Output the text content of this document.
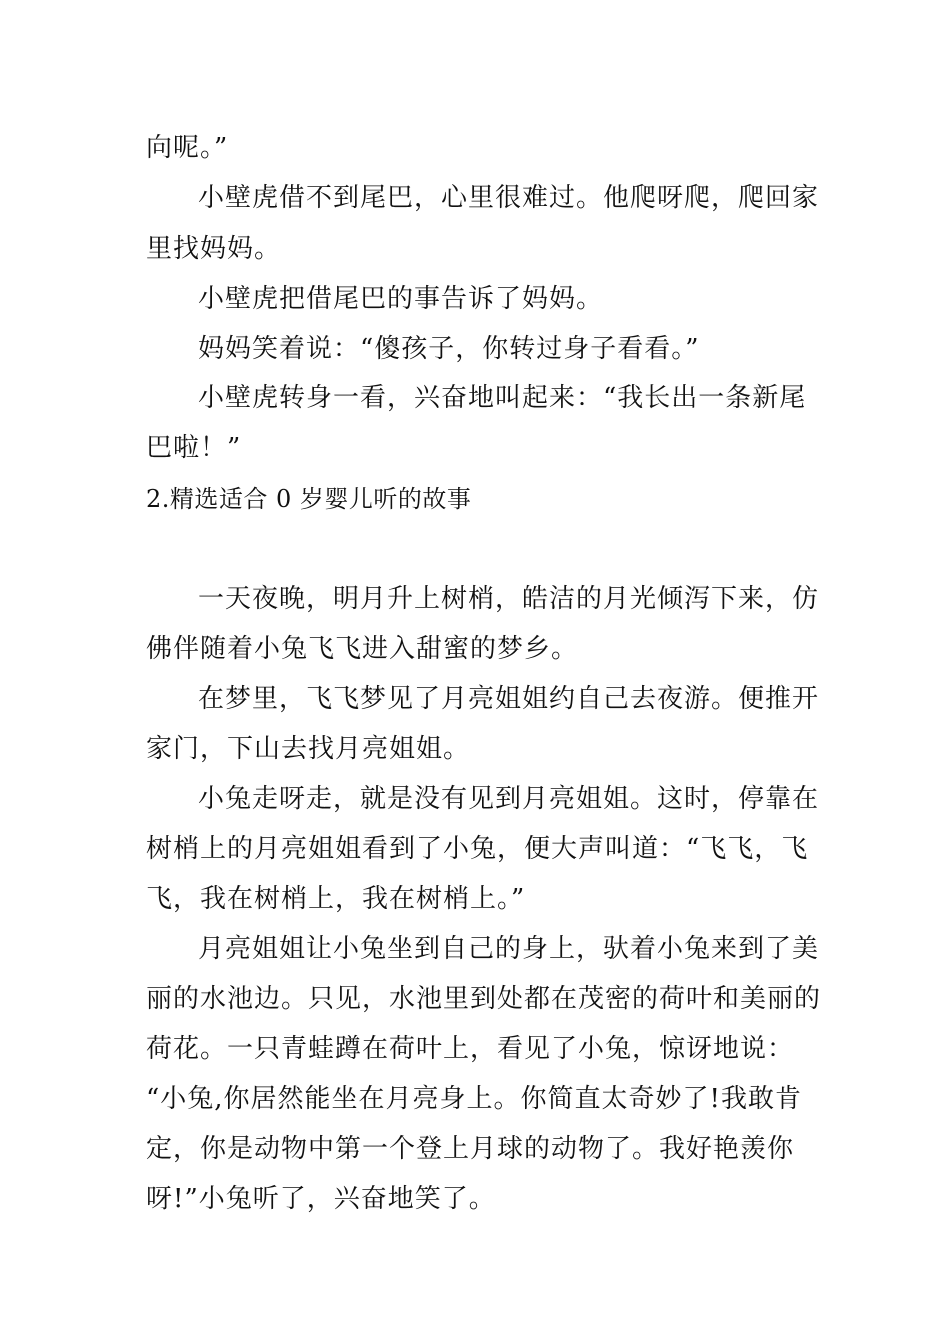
向呢。”

小壁虎借不到尾巴，心里很难过。他爬呀爬，爬回家

里找妈妈。

小壁虎把借尾巴的事告诉了妈妈。

妈妈笑着说：“傻孩子，你转过身子看看。”

小壁虎转身一看，兴奋地叫起来：“我长出一条新尾

巴啦！”

2.精选适合 0 岁婴儿听的故事

一天夜晚，明月升上树梢，皓洁的月光倾泻下来，仿

佛伴随着小兔飞飞进入甜蜜的梦乡。

在梦里，飞飞梦见了月亮姐姐约自己去夜游。便推开

家门，下山去找月亮姐姐。

小兔走呀走，就是没有见到月亮姐姐。这时，停靠在

树梢上的月亮姐姐看到了小兔，便大声叫道：“飞飞，飞

飞，我在树梢上，我在树梢上。”

月亮姐姐让小兔坐到自己的身上，驮着小兔来到了美

丽的水池边。只见，水池里到处都在茂密的荷叶和美丽的

荷花。一只青蛙蹲在荷叶上，看见了小兔，惊讶地说：

“小兔,你居然能坐在月亮身上。你简直太奇妙了!我敢肯

定，你是动物中第一个登上月球的动物了。我好艳羡你

呀!”小兔听了，兴奋地笑了。
